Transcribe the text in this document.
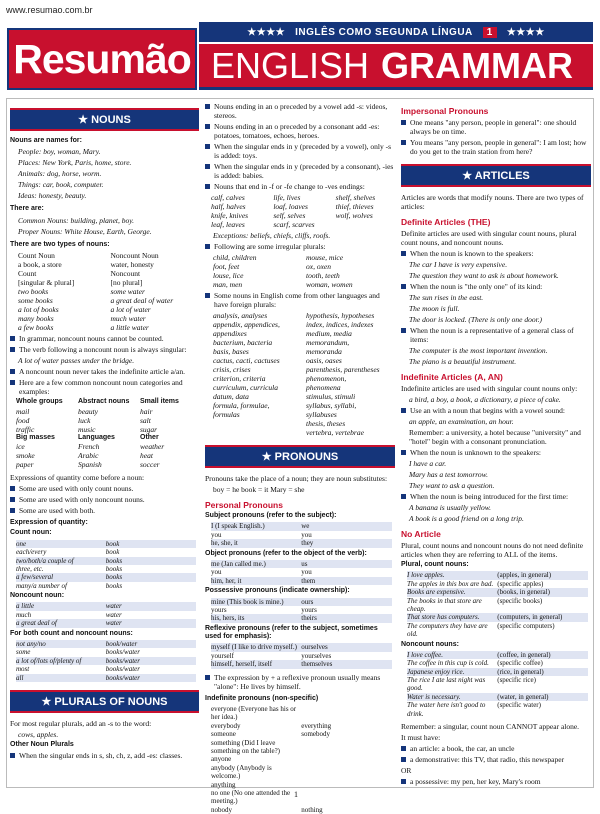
www.resumao.com.br
★★★★ INGLÊS COMO SEGUNDA LÍNGUA	1	★★★★
Resumão ENGLISH GRAMMAR
★ NOUNS

Nouns are names for:

People: boy, woman, Mary.

Places: New York, Paris, home, store.

Animals: dog, horse, worm.

Things: car, book, computer.

Ideas: honesty, beauty.

There are:

Common Nouns: building, planet, boy.

Proper Nouns: White House, Earth, George.

There are two types of nouns:

Count Noun	Noncount Noun
a book, a store	water, honesty
Count	Noncount
[singular & plural]	[no plural]
two books	some water
some books	a great deal of water
a lot of books	a lot of water
many books	much water
a few books	a little water
In grammar, noncount nouns cannot be counted.
The verb following a noncount noun is always singular:

A lot of water passes under the bridge.

A noncount noun never takes the indefinite article a/an.
Here are a few common noncount noun categories and examples:
Whole groups	Abstract nouns	Small items
mail	beauty	hair
food	luck	salt
traffic	music	sugar
Big masses	Languages	Other
ice	French	weather
smoke	Arabic	heat
paper	Spanish	soccer

Expressions of quantity come before a noun:

Some are used with only count nouns.
Some are used with only noncount nouns.
Some are used with both.

Expression of quantity:

Count noun:

one	book
each/every	book
two/both/a couple of	books
three, etc.	books
a few/several	books
many/a number of	books

Noncount noun:

a little	water
much	water
a great deal of	water

For both count and noncount nouns:

not any/no	book/water
some	books/water
a lot of/lots of/plenty of	books/water
most	books/water
all	books/water
★ PLURALS OF NOUNS

For most regular plurals, add an -s to the word:

cows, apples.

Other Noun Plurals

When the singular ends in s, sh, ch, z, add -es: classes.
Nouns ending in an o preceded by a vowel add -s: videos, stereos.
Nouns ending in an o preceded by a consonant add -es: potatoes, tomatoes, echoes, heroes.
When the singular ends in y (preceded by a vowel), only -s is added: toys.
When the singular ends in y (preceded by a consonant), -ies is added: babies.
Nouns that end in -f or -fe change to -ves endings:
calf, calves	life, lives	shelf, shelves
half, halves	loaf, loaves	thief, thieves
knife, knives	self, selves	wolf, wolves
leaf, leaves	scarf, scarves

Exceptions: beliefs, chiefs, cliffs, roofs.

Following are some irregular plurals:
child, children	mouse, mice
foot, feet	ox, oxen
louse, lice	tooth, teeth
man, men	woman, women
Some nouns in English come from other languages and have foreign plurals:
analysis, analyses	hypothesis, hypotheses
appendix, appendices,	index, indices, indexes
appendixes	medium, media
bacterium, bacteria	memorandum,
basis, bases	memoranda
cactus, cacti, cactuses	oasis, oases
crisis, crises	parenthesis, parentheses
criterion, criteria	phenomenon,
curriculum, curricula	phenomena
datum, data	stimulus, stimuli
formula, formulae,	syllabus, syllabi,
formulas	syllabuses
thesis, theses
vertebra, vertebrae
★ PRONOUNS

Pronouns take the place of a noun; they are noun substitutes:

boy = he book = it Mary = she

Personal Pronouns

Subject pronouns (refer to the subject):

I (I speak English.)	we
you	you
he, she, it	they

Object pronouns (refer to the object of the verb):

me (Jan called me.)	us
you	you
him, her, it	them

Possessive pronouns (indicate ownership):

mine (This book is mine.)	ours
yours	yours
his, hers, its	theirs

Reflexive pronouns (refer to the subject, sometimes used for emphasis):

myself (I like to drive myself.) ourselves
yourself	yourselves
himself, herself, itself	themselves
The expression by + a reflexive pronoun usually means "alone": He lives by himself.

Indefinite pronouns (non-specific)

everyone (Everyone has his or her idea.)
everybody	everything
someone	somebody
something (Did I leave something on the table?)
anyone
anybody (Anybody is welcome.)
anything
no one (No one attended the meeting.)
nobody	nothing
Impersonal Pronouns
One means "any person, people in general": one should always be on time.
You means "any person, people in general": I am lost; how do you get to the train station from here?
★ ARTICLES

Articles are words that modify nouns. There are two types of articles:

Definite Articles (THE)

Definite articles are used with singular count nouns, plural count nouns, and noncount nouns.

When the noun is known to the speakers:

The car I have is very expensive.

The question they want to ask is about homework.

When the noun is "the only one" of its kind:

The sun rises in the east.

The moon is full.

The door is locked. (There is only one door.)

When the noun is a representative of a general class of items:

The computer is the most important invention.

The piano is a beautiful instrument.

Indefinite Articles (A, AN)

Indefinite articles are used with singular count nouns only:

a bird, a boy, a book, a dictionary, a piece of cake.

Use an with a noun that begins with a vowel sound:

an apple, an examination, an hour.

Remember: a university, a hotel because "university" and "hotel" begin with a consonant pronunciation.

When the noun is unknown to the speakers:

I have a car.

Mary has a test tomorrow.

They want to ask a question.

When the noun is being introduced for the first time:

A banana is usually yellow.

A book is a good friend on a long trip.

No Article

Plural, count nouns and noncount nouns do not need definite articles when they are referring to ALL of the items.

Plural, count nouns:

I love apples.	(apples, in general)
The apples in this box are bad. (specific apples)
Books are expensive.	(books, in general)
The books in that store are cheap.
(specific books)
That store has computers.	(computers, in general)
The computers they have are old.
(specific computers)

Noncount nouns:

I love coffee.	(coffee, in general)
The coffee in this cup is cold.	(specific coffee)
Japanese enjoy rice.	(rice, in general)
The rice I ate last night was good.
(specific rice)
Water is necessary.	(water, in general)
The water here isn't good to drink.
(specific water)

Remember: a singular, count noun CANNOT appear alone.

It must have:

an article: a book, the car, an uncle
a demonstrative: this TV, that radio, this newspaper

OR

a possessive: my pen, her key, Mary's room
1
